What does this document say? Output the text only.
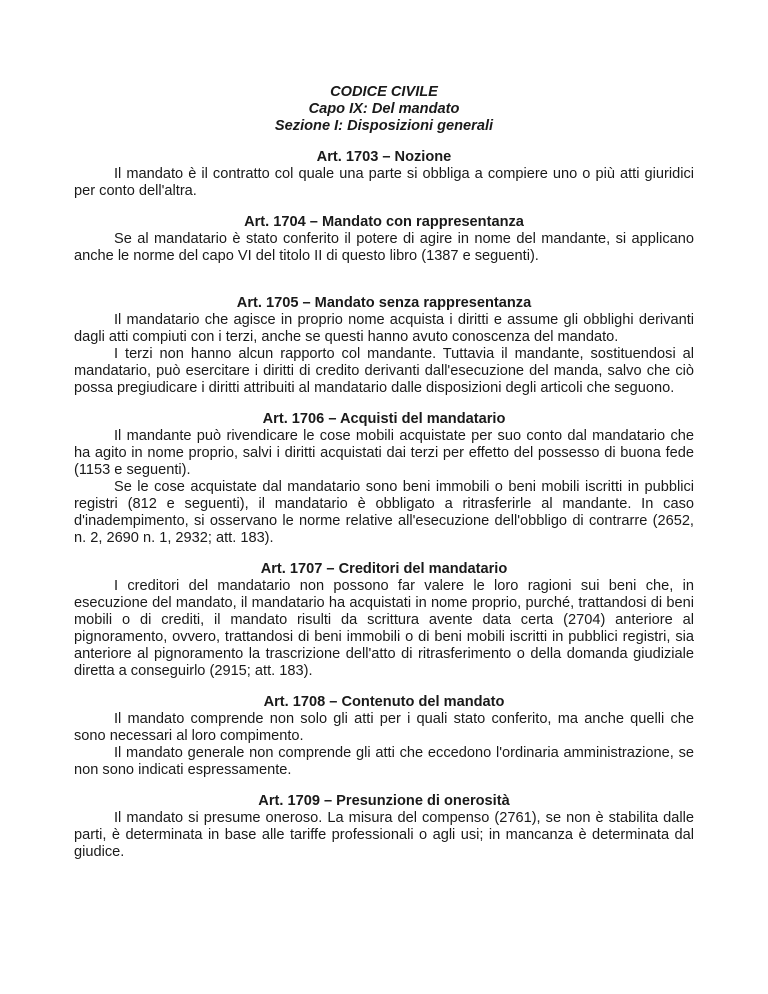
CODICE CIVILE
Capo IX: Del mandato
Sezione I: Disposizioni generali
Art. 1703 – Nozione

Il mandato è il contratto col quale una parte si obbliga a compiere uno o più atti giuridici per conto dell'altra.

Art. 1704 – Mandato con rappresentanza

Se al mandatario è stato conferito il potere di agire in nome del mandante, si applicano anche le norme del capo VI del titolo II di questo libro (1387 e seguenti).

Art. 1705 – Mandato senza rappresentanza

Il mandatario che agisce in proprio nome acquista i diritti e assume gli obblighi derivanti dagli atti compiuti con i terzi, anche se questi hanno avuto conoscenza del mandato.

I terzi non hanno alcun rapporto col mandante. Tuttavia il mandante, sostituendosi al mandatario, può esercitare i diritti di credito derivanti dall'esecuzione del manda, salvo che ciò possa pregiudicare i diritti attribuiti al mandatario dalle disposizioni degli articoli che seguono.

Art. 1706 – Acquisti del mandatario

Il mandante può rivendicare le cose mobili acquistate per suo conto dal mandatario che ha agito in nome proprio, salvi i diritti acquistati dai terzi per effetto del possesso di buona fede (1153 e seguenti).

Se le cose acquistate dal mandatario sono beni immobili o beni mobili iscritti in pubblici registri (812 e seguenti), il mandatario è obbligato a ritrasferirle al mandante. In caso d'inadempimento, si osservano le norme relative all'esecuzione dell'obbligo di contrarre (2652, n. 2, 2690 n. 1, 2932; att. 183).

Art. 1707 – Creditori del mandatario

I creditori del mandatario non possono far valere le loro ragioni sui beni che, in esecuzione del mandato, il mandatario ha acquistati in nome proprio, purché, trattandosi di beni mobili o di crediti, il mandato risulti da scrittura avente data certa (2704) anteriore al pignoramento, ovvero, trattandosi di beni immobili o di beni mobili iscritti in pubblici registri, sia anteriore al pignoramento la trascrizione dell'atto di ritrasferimento o della domanda giudiziale diretta a conseguirlo (2915; att. 183).

Art. 1708 – Contenuto del mandato

Il mandato comprende non solo gli atti per i quali stato conferito, ma anche quelli che sono necessari al loro compimento.

Il mandato generale non comprende gli atti che eccedono l'ordinaria amministrazione, se non sono indicati espressamente.

Art. 1709 – Presunzione di onerosità

Il mandato si presume oneroso. La misura del compenso (2761), se non è stabilita dalle parti, è determinata in base alle tariffe professionali o agli usi; in mancanza è determinata dal giudice.
